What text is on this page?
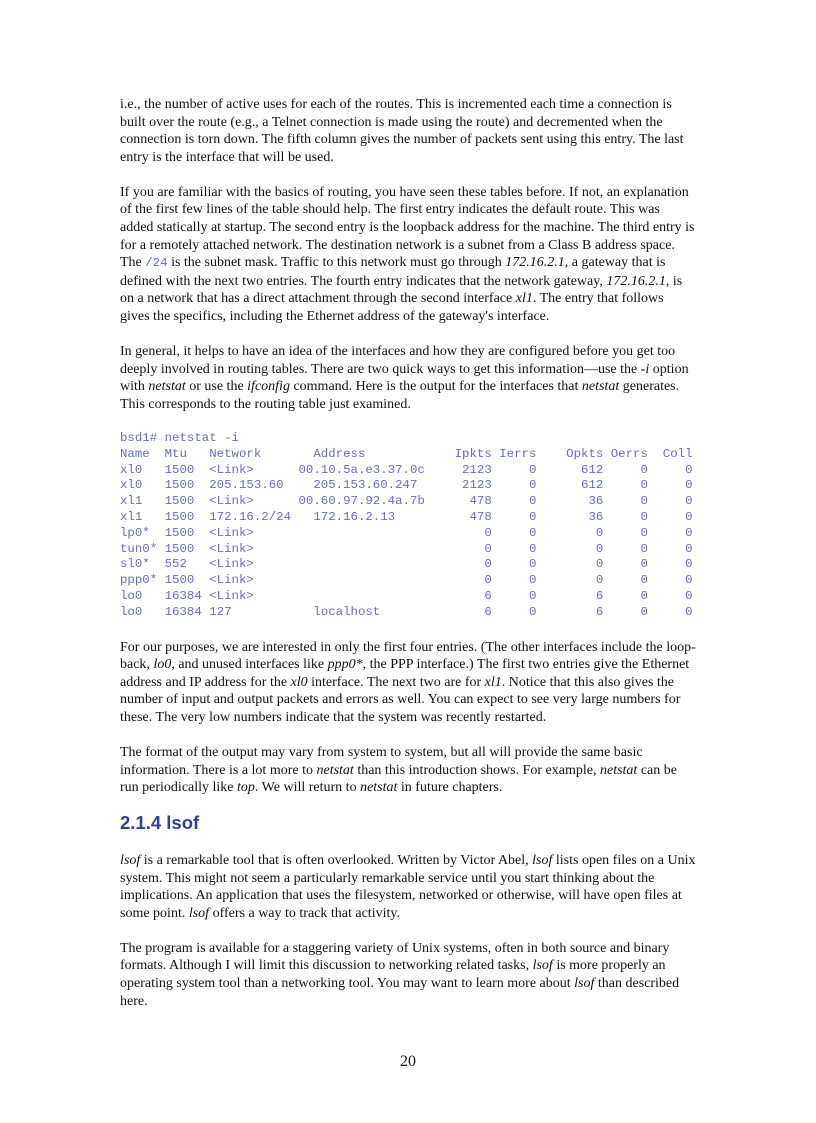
i.e., the number of active uses for each of the routes. This is incremented each time a connection is built over the route (e.g., a Telnet connection is made using the route) and decremented when the connection is torn down. The fifth column gives the number of packets sent using this entry. The last entry is the interface that will be used.

If you are familiar with the basics of routing, you have seen these tables before. If not, an explanation of the first few lines of the table should help. The first entry indicates the default route. This was added statically at startup. The second entry is the loopback address for the machine. The third entry is for a remotely attached network. The destination network is a subnet from a Class B address space. The /24 is the subnet mask. Traffic to this network must go through 172.16.2.1, a gateway that is defined with the next two entries. The fourth entry indicates that the network gateway, 172.16.2.1, is on a network that has a direct attachment through the second interface xl1. The entry that follows gives the specifics, including the Ethernet address of the gateway's interface.

In general, it helps to have an idea of the interfaces and how they are configured before you get too deeply involved in routing tables. There are two quick ways to get this information—use the -i option with netstat or use the ifconfig command. Here is the output for the interfaces that netstat generates. This corresponds to the routing table just examined.

bsd1# netstat -i
Name  Mtu   Network       Address            Ipkts Ierrs    Opkts Oerrs  Coll
xl0   1500  <Link>      00.10.5a.e3.37.0c     2123     0      612     0     0
xl0   1500  205.153.60    205.153.60.247      2123     0      612     0     0
xl1   1500  <Link>      00.60.97.92.4a.7b      478     0       36     0     0
xl1   1500  172.16.2/24   172.16.2.13          478     0       36     0     0
lp0*  1500  <Link>                               0     0        0     0     0
tun0* 1500  <Link>                               0     0        0     0     0
sl0*  552   <Link>                               0     0        0     0     0
ppp0* 1500  <Link>                               0     0        0     0     0
lo0   16384 <Link>                               6     0        6     0     0
lo0   16384 127           localhost              6     0        6     0     0

For our purposes, we are interested in only the first four entries. (The other interfaces include the loop-back, lo0, and unused interfaces like ppp0*, the PPP interface.) The first two entries give the Ethernet address and IP address for the xl0 interface. The next two are for xl1. Notice that this also gives the number of input and output packets and errors as well. You can expect to see very large numbers for these. The very low numbers indicate that the system was recently restarted.

The format of the output may vary from system to system, but all will provide the same basic information. There is a lot more to netstat than this introduction shows. For example, netstat can be run periodically like top. We will return to netstat in future chapters.

2.1.4 lsof

lsof is a remarkable tool that is often overlooked. Written by Victor Abel, lsof lists open files on a Unix system. This might not seem a particularly remarkable service until you start thinking about the implications. An application that uses the filesystem, networked or otherwise, will have open files at some point. lsof offers a way to track that activity.

The program is available for a staggering variety of Unix systems, often in both source and binary formats. Although I will limit this discussion to networking related tasks, lsof is more properly an operating system tool than a networking tool. You may want to learn more about lsof than described here.

20
